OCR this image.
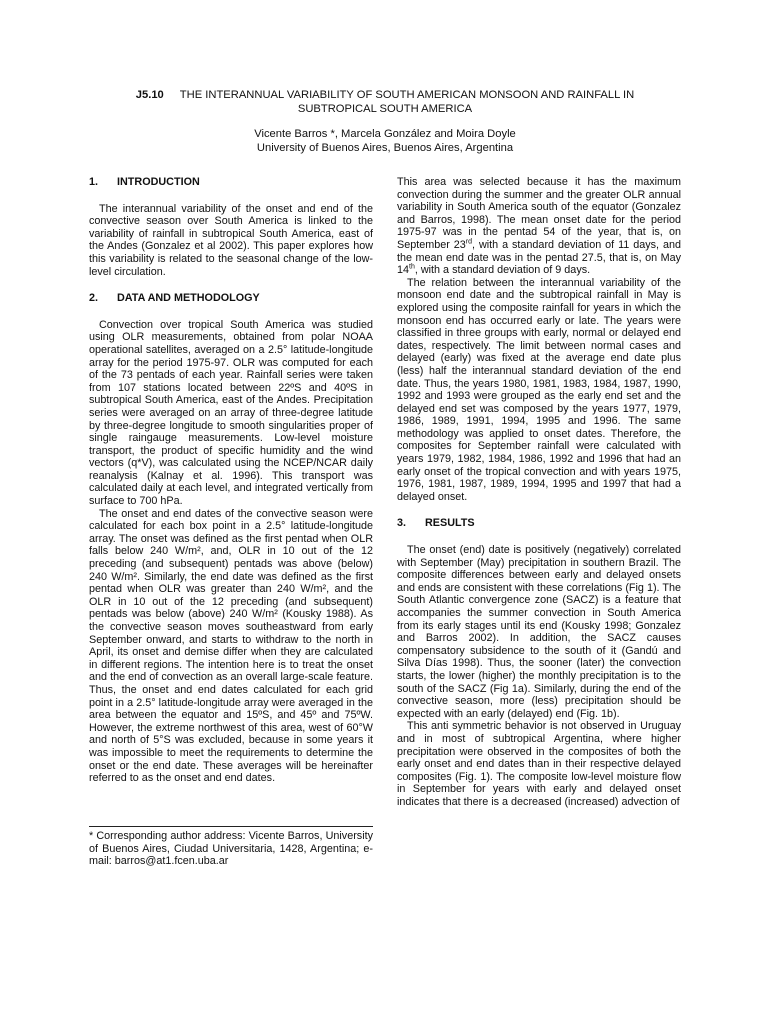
J5.10 THE INTERANNUAL VARIABILITY OF SOUTH AMERICAN MONSOON AND RAINFALL IN
SUBTROPICAL SOUTH AMERICA
Vicente Barros *, Marcela González and Moira Doyle
University of Buenos Aires, Buenos Aires, Argentina
1.	INTRODUCTION

The interannual variability of the onset and end of the convective season over South America is linked to the variability of rainfall in subtropical South America, east of the Andes (Gonzalez et al 2002). This paper explores how this variability is related to the seasonal change of the low-level circulation.

2.	DATA AND METHODOLOGY

Convection over tropical South America was studied using OLR measurements, obtained from polar NOAA operational satellites, averaged on a 2.5° latitude-longitude array for the period 1975-97. OLR was computed for each of the 73 pentads of each year. Rainfall series were taken from 107 stations located between 22ºS and 40ºS in subtropical South America, east of the Andes. Precipitation series were averaged on an array of three-degree latitude by three-degree longitude to smooth singularities proper of single raingauge measurements. Low-level moisture transport, the product of specific humidity and the wind vectors (q*V), was calculated using the NCEP/NCAR daily reanalysis (Kalnay et al. 1996). This transport was calculated daily at each level, and integrated vertically from surface to 700 hPa.

The onset and end dates of the convective season were calculated for each box point in a 2.5° latitude-longitude array. The onset was defined as the first pentad when OLR falls below 240 W/m², and, OLR in 10 out of the 12 preceding (and subsequent) pentads was above (below) 240 W/m². Similarly, the end date was defined as the first pentad when OLR was greater than 240 W/m², and the OLR in 10 out of the 12 preceding (and subsequent) pentads was below (above) 240 W/m² (Kousky 1988). As the convective season moves southeastward from early September onward, and starts to withdraw to the north in April, its onset and demise differ when they are calculated in different regions. The intention here is to treat the onset and the end of convection as an overall large-scale feature. Thus, the onset and end dates calculated for each grid point in a 2.5° latitude-longitude array were averaged in the area between the equator and 15ºS, and 45º and 75ºW. However, the extreme northwest of this area, west of 60°W and north of 5°S was excluded, because in some years it was impossible to meet the requirements to determine the onset or the end date. These averages will be hereinafter referred to as the onset and end dates.

* Corresponding author address: Vicente Barros, University of Buenos Aires, Ciudad Universitaria, 1428, Argentina; e-mail: barros@at1.fcen.uba.ar

This area was selected because it has the maximum convection during the summer and the greater OLR annual variability in South America south of the equator (Gonzalez and Barros, 1998). The mean onset date for the period 1975-97 was in the pentad 54 of the year, that is, on September 23rd, with a standard deviation of 11 days, and the mean end date was in the pentad 27.5, that is, on May 14th, with a standard deviation of 9 days.

The relation between the interannual variability of the monsoon end date and the subtropical rainfall in May is explored using the composite rainfall for years in which the monsoon end has occurred early or late. The years were classified in three groups with early, normal or delayed end dates, respectively. The limit between normal cases and delayed (early) was fixed at the average end date plus (less) half the interannual standard deviation of the end date. Thus, the years 1980, 1981, 1983, 1984, 1987, 1990, 1992 and 1993 were grouped as the early end set and the delayed end set was composed by the years 1977, 1979, 1986, 1989, 1991, 1994, 1995 and 1996. The same methodology was applied to onset dates. Therefore, the composites for September rainfall were calculated with years 1979, 1982, 1984, 1986, 1992 and 1996 that had an early onset of the tropical convection and with years 1975, 1976, 1981, 1987, 1989, 1994, 1995 and 1997 that had a delayed onset.

3.	RESULTS

The onset (end) date is positively (negatively) correlated with September (May) precipitation in southern Brazil. The composite differences between early and delayed onsets and ends are consistent with these correlations (Fig 1). The South Atlantic convergence zone (SACZ) is a feature that accompanies the summer convection in South America from its early stages until its end (Kousky 1998; Gonzalez and Barros 2002). In addition, the SACZ causes compensatory subsidence to the south of it (Gandú and Silva Días 1998). Thus, the sooner (later) the convection starts, the lower (higher) the monthly precipitation is to the south of the SACZ (Fig 1a). Similarly, during the end of the convective season, more (less) precipitation should be expected with an early (delayed) end (Fig. 1b).

This anti symmetric behavior is not observed in Uruguay and in most of subtropical Argentina, where higher precipitation were observed in the composites of both the early onset and end dates than in their respective delayed composites (Fig. 1). The composite low-level moisture flow in September for years with early and delayed onset indicates that there is a decreased (increased) advection of
